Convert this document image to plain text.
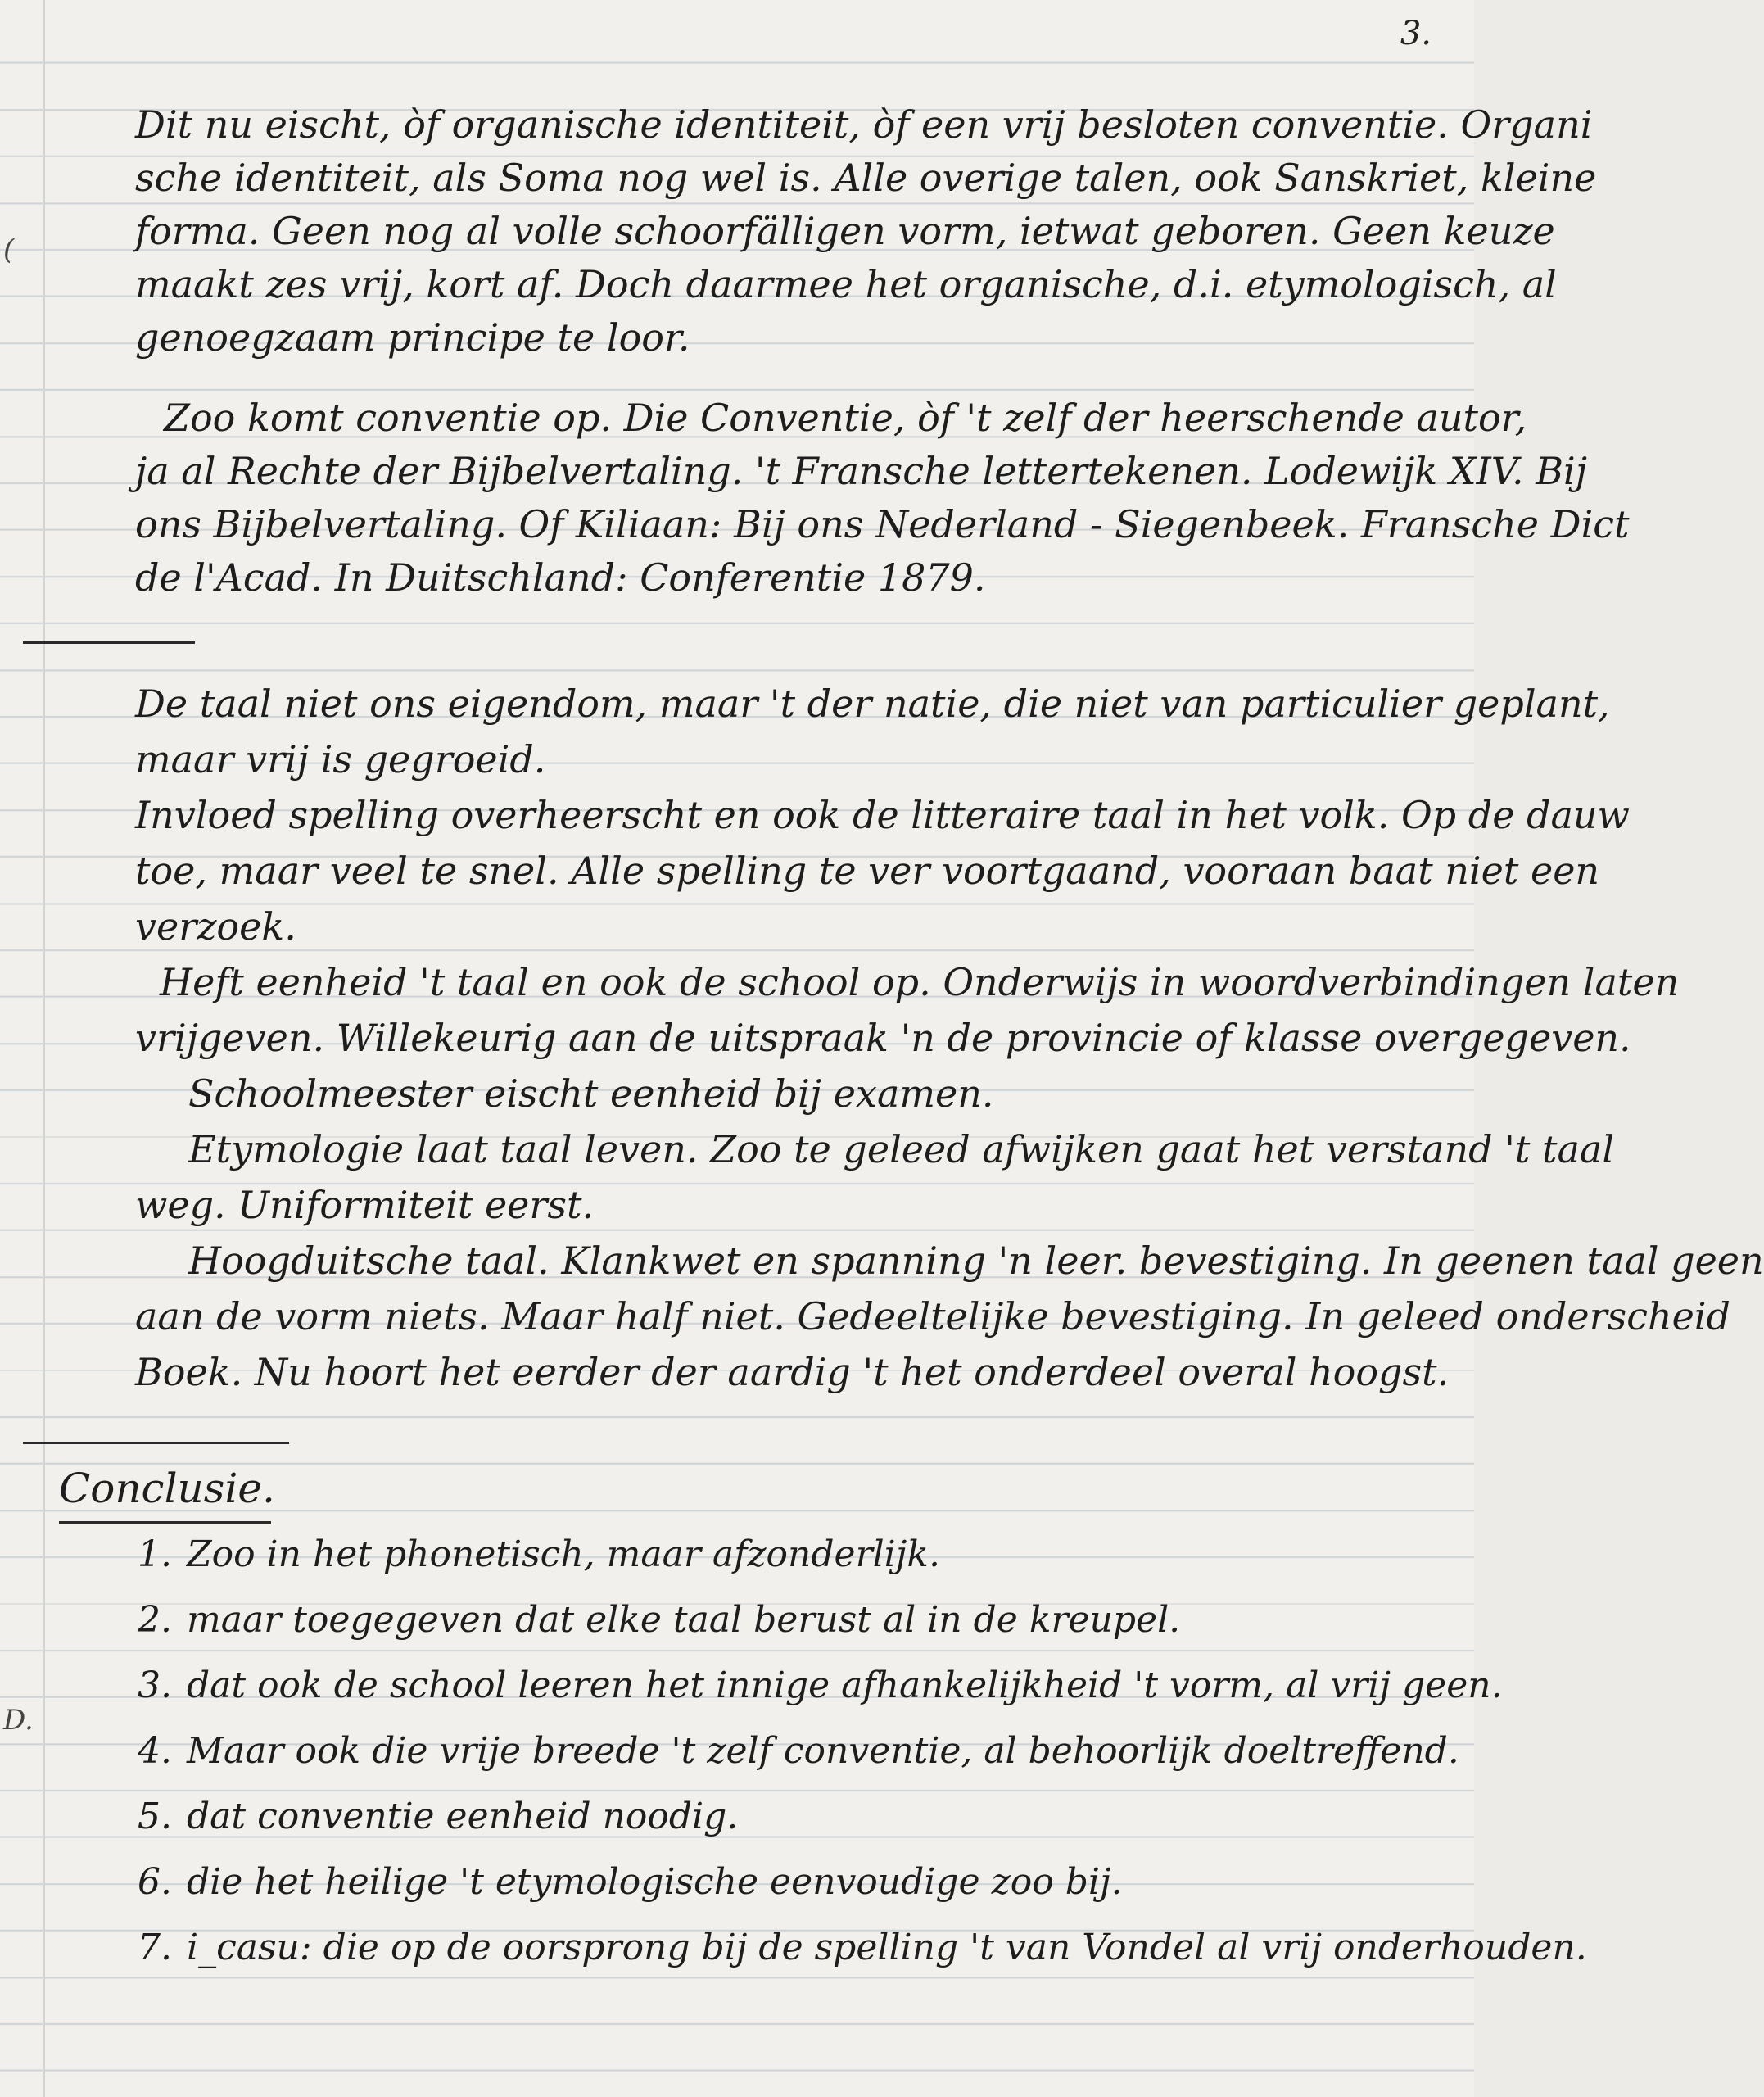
3.
(
D.
Dit nu eischt, òf organische identiteit, òf een vrij besloten conventie. Organi
sche identiteit, als Soma nog wel is. Alle overige talen, ook Sanskriet, kleine
forma. Geen nog al volle schoorfälligen vorm, ietwat geboren. Geen keuze
maakt zes vrij, kort af. Doch daarmee het organische, d.i. etymologisch, al
genoegzaam principe te loor.
Zoo komt conventie op. Die Conventie, òf 't zelf der heerschende autor,
ja al Rechte der Bijbelvertaling. 't Fransche lettertekenen. Lodewijk XIV. Bij
ons Bijbelvertaling. Of Kiliaan: Bij ons Nederland - Siegenbeek. Fransche Dict
de l'Acad. In Duitschland: Conferentie 1879.
De taal niet ons eigendom, maar 't der natie, die niet van particulier geplant,
maar vrij is gegroeid.
Invloed spelling overheerscht en ook de litteraire taal in het volk. Op de dauw
toe, maar veel te snel. Alle spelling te ver voortgaand, vooraan baat niet een
verzoek.
Heft eenheid 't taal en ook de school op. Onderwijs in woordverbindingen laten
vrijgeven. Willekeurig aan de uitspraak 'n de provincie of klasse overgegeven.
Schoolmeester eischt eenheid bij examen.
Etymologie laat taal leven. Zoo te geleed afwijken gaat het verstand 't taal
weg. Uniformiteit eerst.
Hoogduitsche taal. Klankwet en spanning 'n leer. bevestiging. In geenen taal geen
aan de vorm niets. Maar half niet. Gedeeltelijke bevestiging. In geleed onderscheid
Boek. Nu hoort het eerder der aardig 't het onderdeel overal hoogst.
Conclusie.
1. Zoo in het phonetisch, maar afzonderlijk.
2. maar toegegeven dat elke taal berust al in de kreupel.
3. dat ook de school leeren het innige afhankelijkheid 't vorm, al vrij geen.
4. Maar ook die vrije breede 't zelf conventie, al behoorlijk doeltreffend.
5. dat conventie eenheid noodig.
6. die het heilige 't etymologische eenvoudige zoo bij.
7. i_casu: die op de oorsprong bij de spelling 't van Vondel al vrij onderhouden.
